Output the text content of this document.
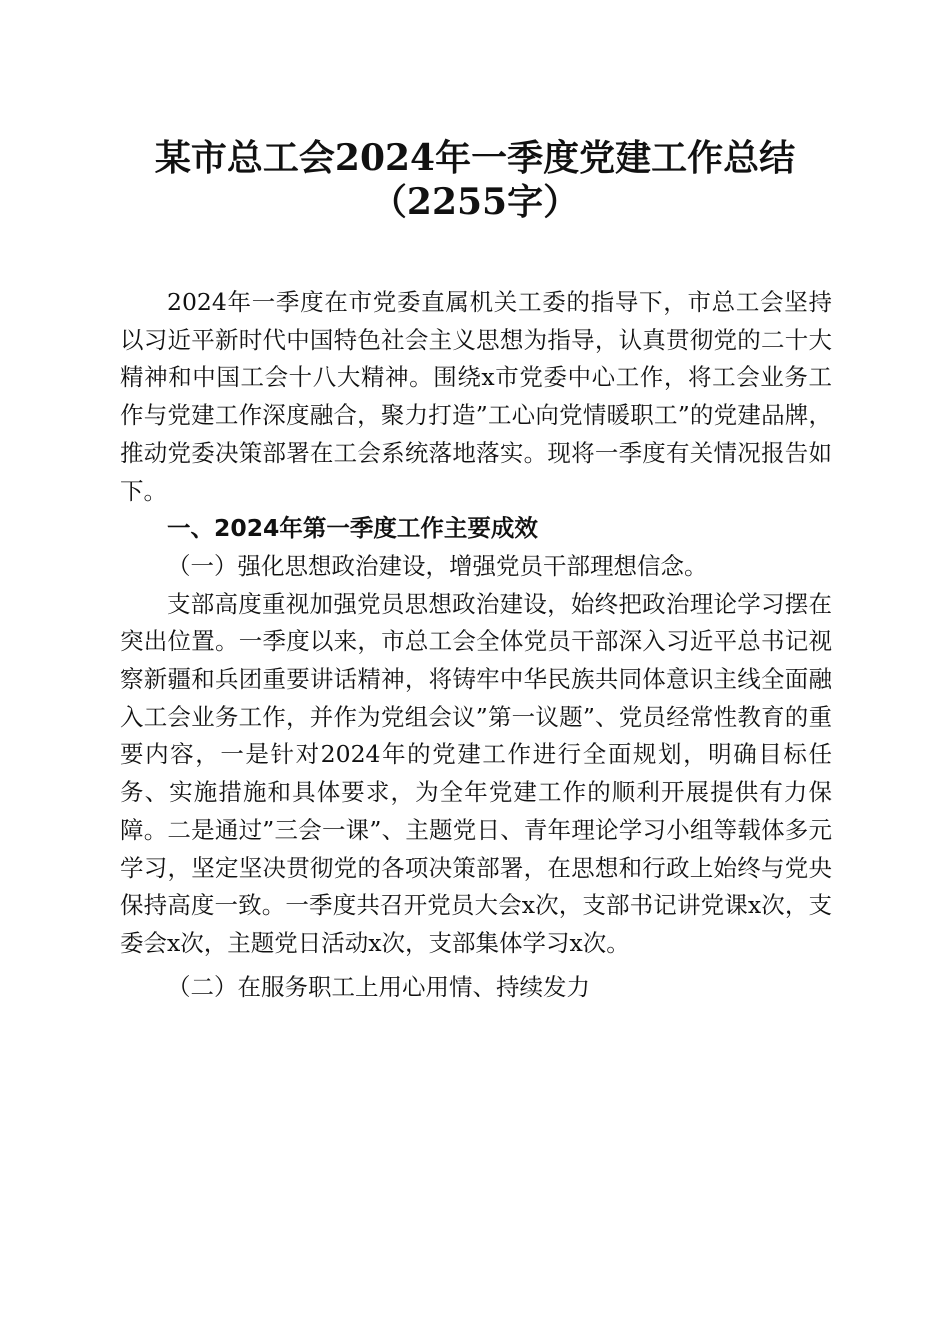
某市总工会2024年一季度党建工作总结
（2255字）

2024年一季度在市党委直属机关工委的指导下，市总工会坚持以习近平新时代中国特色社会主义思想为指导，认真贯彻党的二十大精神和中国工会十八大精神。围绕x市党委中心工作，将工会业务工作与党建工作深度融合，聚力打造”工心向党情暖职工”的党建品牌，推动党委决策部署在工会系统落地落实。现将一季度有关情况报告如下。

一、2024年第一季度工作主要成效

（一）强化思想政治建设，增强党员干部理想信念。

支部高度重视加强党员思想政治建设，始终把政治理论学习摆在突出位置。一季度以来，市总工会全体党员干部深入习近平总书记视察新疆和兵团重要讲话精神，将铸牢中华民族共同体意识主线全面融入工会业务工作，并作为党组会议”第一议题”、党员经常性教育的重要内容，一是针对2024年的党建工作进行全面规划，明确目标任务、实施措施和具体要求，为全年党建工作的顺利开展提供有力保障。二是通过”三会一课”、主题党日、青年理论学习小组等载体多元学习，坚定坚决贯彻党的各项决策部署，在思想和行政上始终与党央保持高度一致。一季度共召开党员大会x次，支部书记讲党课x次，支委会x次，主题党日活动x次，支部集体学习x次。

（二）在服务职工上用心用情、持续发力
